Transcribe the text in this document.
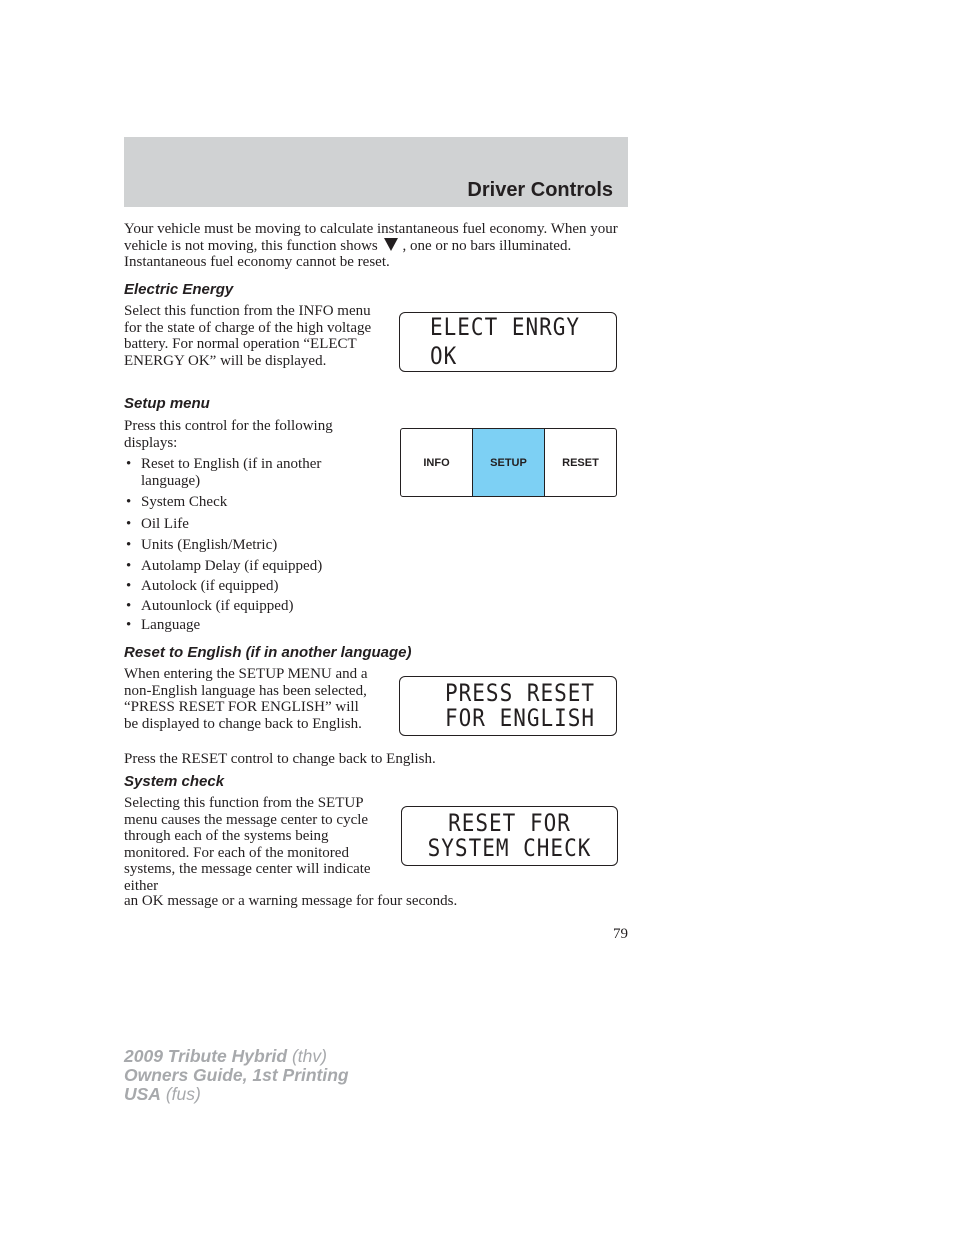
Driver Controls

Your vehicle must be moving to calculate instantaneous fuel economy. When your vehicle is not moving, this function shows , one or no bars illuminated. Instantaneous fuel economy cannot be reset.

Electric Energy

Select this function from the INFO menu for the state of charge of the high voltage battery. For normal operation “ELECT ENERGY OK” will be displayed.

ELECT ENRGY OK
Setup menu

Press this control for the following displays:

• Reset to English (if in another language)
• System Check
• Oil Life
• Units (English/Metric)
• Autolamp Delay (if equipped)
• Autolock (if equipped)
• Autounlock (if equipped)
• Language
INFO	SETUP	RESET
Reset to English (if in another language)

When entering the SETUP MENU and a non-English language has been selected, “PRESS RESET FOR ENGLISH” will be displayed to change back to English.

PRESS RESET
FOR ENGLISH

Press the RESET control to change back to English.

System check

Selecting this function from the SETUP menu causes the message center to cycle through each of the systems being monitored. For each of the monitored systems, the message center will indicate either

RESET FOR
SYSTEM CHECK

an OK message or a warning message for four seconds.

79
2009 Tribute Hybrid (thv)
Owners Guide, 1st Printing
USA (fus)
